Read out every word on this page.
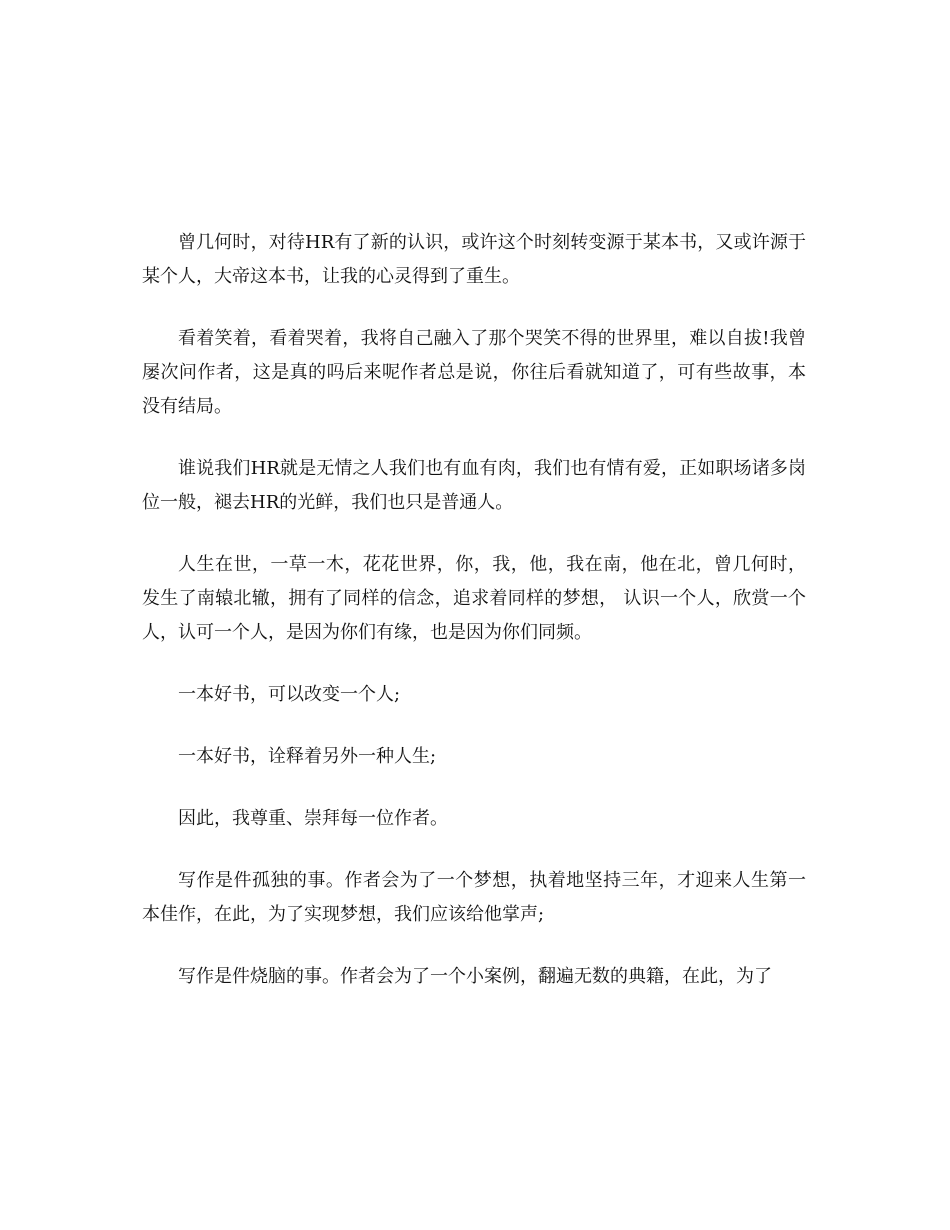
曾几何时，对待HR有了新的认识，或许这个时刻转变源于某本书，又或许源于某个人，大帝这本书，让我的心灵得到了重生。

看着笑着，看着哭着，我将自己融入了那个哭笑不得的世界里，难以自拔!我曾屡次问作者，这是真的吗后来呢作者总是说，你往后看就知道了，可有些故事，本没有结局。

谁说我们HR就是无情之人我们也有血有肉，我们也有情有爱，正如职场诸多岗位一般，褪去HR的光鲜，我们也只是普通人。

人生在世，一草一木，花花世界，你，我，他，我在南，他在北，曾几何时，发生了南辕北辙，拥有了同样的信念，追求着同样的梦想， 认识一个人，欣赏一个人，认可一个人，是因为你们有缘，也是因为你们同频。

一本好书，可以改变一个人;

一本好书，诠释着另外一种人生;

因此，我尊重、崇拜每一位作者。

写作是件孤独的事。作者会为了一个梦想，执着地坚持三年，才迎来人生第一本佳作，在此，为了实现梦想，我们应该给他掌声;

写作是件烧脑的事。作者会为了一个小案例，翻遍无数的典籍，在此，为了
